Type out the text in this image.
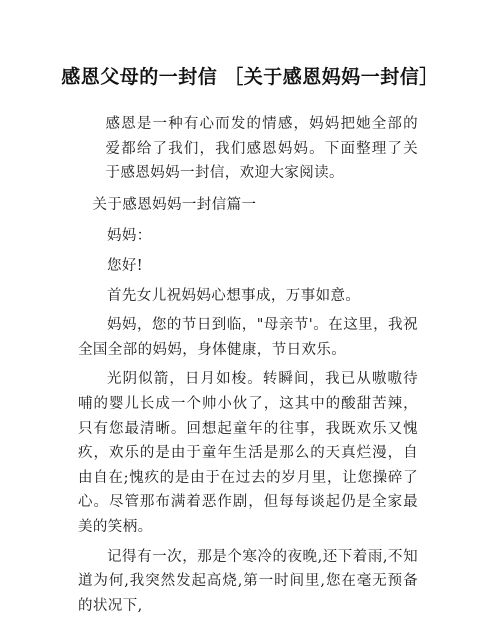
感恩父母的一封信 ［关于感恩妈妈一封信］

感恩是一种有心而发的情感，妈妈把她全部的爱都给了我们，我们感恩妈妈。下面整理了关于感恩妈妈一封信，欢迎大家阅读。

关于感恩妈妈一封信篇一

妈妈：

您好!

首先女儿祝妈妈心想事成，万事如意。

妈妈，您的节日到临，"母亲节'。在这里，我祝全国全部的妈妈，身体健康，节日欢乐。

光阴似箭，日月如梭。转瞬间，我已从嗷嗷待哺的婴儿长成一个帅小伙了，这其中的酸甜苦辣，只有您最清晰。回想起童年的往事，我既欢乐又愧疚，欢乐的是由于童年生活是那么的天真烂漫，自由自在;愧疚的是由于在过去的岁月里，让您操碎了心。尽管那布满着恶作剧，但每每谈起仍是全家最美的笑柄。

记得有一次，那是个寒冷的夜晚,还下着雨,不知道为何,我突然发起高烧,第一时间里,您在毫无预备的状况下,
